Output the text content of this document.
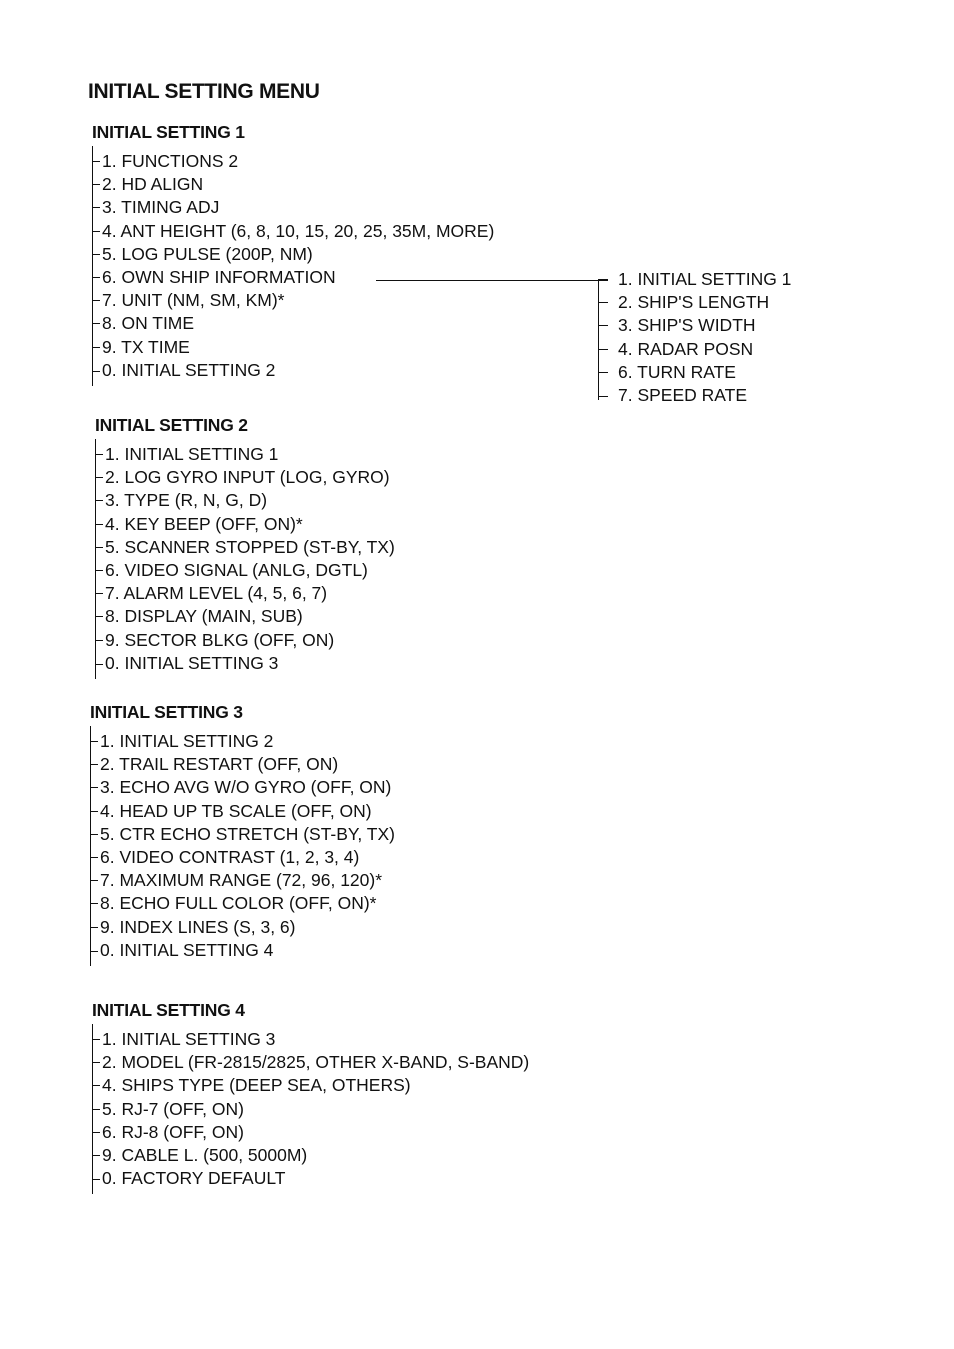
INITIAL SETTING MENU
INITIAL SETTING 1
1. FUNCTIONS 2
2. HD ALIGN
3. TIMING ADJ
4. ANT HEIGHT (6, 8, 10, 15, 20, 25, 35M, MORE)
5. LOG PULSE (200P, NM)
6. OWN SHIP INFORMATION
7. UNIT (NM, SM, KM)*
8. ON TIME
9. TX TIME
0. INITIAL SETTING 2
1. INITIAL SETTING 1
2. SHIP'S LENGTH
3. SHIP'S WIDTH
4. RADAR POSN
6. TURN RATE
7. SPEED RATE
INITIAL SETTING 2
1. INITIAL SETTING 1
2. LOG GYRO INPUT (LOG, GYRO)
3. TYPE (R, N, G, D)
4. KEY BEEP (OFF, ON)*
5. SCANNER STOPPED (ST-BY, TX)
6. VIDEO SIGNAL (ANLG, DGTL)
7. ALARM LEVEL (4, 5, 6, 7)
8. DISPLAY (MAIN, SUB)
9. SECTOR BLKG (OFF, ON)
0. INITIAL SETTING 3
INITIAL SETTING 3
1. INITIAL SETTING 2
2. TRAIL RESTART (OFF, ON)
3. ECHO AVG W/O GYRO (OFF, ON)
4. HEAD UP TB SCALE (OFF, ON)
5. CTR ECHO STRETCH (ST-BY, TX)
6. VIDEO CONTRAST (1, 2, 3, 4)
7. MAXIMUM RANGE (72, 96, 120)*
8. ECHO FULL COLOR (OFF, ON)*
9. INDEX LINES (S, 3, 6)
0. INITIAL SETTING 4
INITIAL SETTING 4
1. INITIAL SETTING 3
2. MODEL (FR-2815/2825, OTHER X-BAND, S-BAND)
4. SHIPS TYPE (DEEP SEA, OTHERS)
5. RJ-7 (OFF, ON)
6. RJ-8 (OFF, ON)
9. CABLE L. (500, 5000M)
0. FACTORY DEFAULT
